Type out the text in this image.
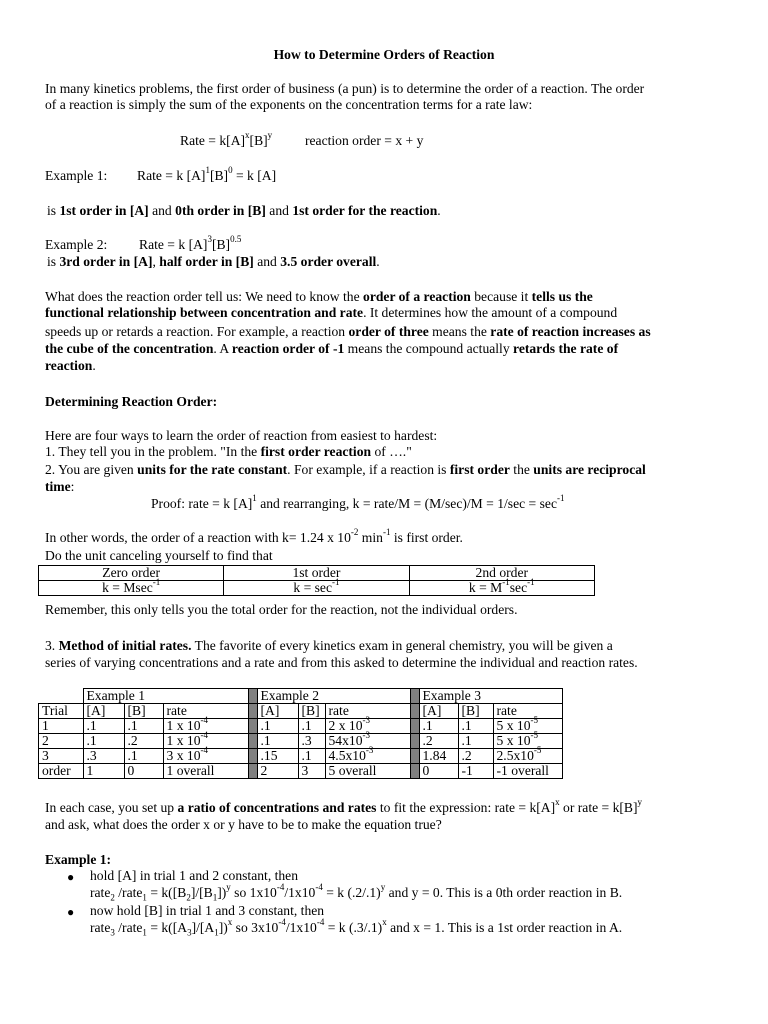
How to Determine Orders of Reaction
In many kinetics problems, the first order of business (a pun) is to determine the order of a reaction. The order
of a reaction is simply the sum of the exponents on the concentration terms for a rate law:
Rate = $k[A]^x[B]^y$ reaction order = x + y
Example 1: Rate = k $[A]^1[B]^0 = k$ [A]
is 1st order in [A] and 0th order in [B] and 1st order for the reaction.
Example 2: Rate = k $[A]^3[B]^{0.5}$
is 3rd order in [A], half order in [B] and 3.5 order overall.
What does the reaction order tell us: We need to know the order of a reaction because it tells us the
functional relationship between concentration and rate. It determines how the amount of a compound
speeds up or retards a reaction. For example, a reaction order of three means the rate of reaction increases as
the cube of the concentration. A reaction order of -1 means the compound actually retards the rate of
reaction.
Determining Reaction Order:
Here are four ways to learn the order of reaction from easiest to hardest:
1. They tell you in the problem. "In the first order reaction of …."
2. You are given units for the rate constant. For example, if a reaction is first order the units are reciprocal
time:
Proof: rate = k $[A]^1$ and rearranging, k = rate/M = $(M/\sec)/M = 1/\sec = \sec^{-1}$
In other words, the order of a reaction with k= 1.24 x $10^{-2}$ $\min^{-1}$ is first order.
Do the unit canceling yourself to find that
Zero order	1st order	2nd order
k = Msec$^{-1}$	$k = \sec^{-1}$	$k = M^{-1}\sec^{-1}$
Remember, this only tells you the total order for the reaction, not the individual orders.
3. Method of initial rates. The favorite of every kinetics exam in general chemistry, you will be given a
series of varying concentrations and a rate and from this asked to determine the individual and reaction rates.
	Example 1				Example 2				Example 3		
Trial	[A]	[B]	rate		[A]	[B]	rate		[A]	[B]	rate
1	.1	.1	1 x $10^{-4}$		.1	.1	2 x $10^{-3}$		.1	.1	5 x $10^{-5}$
2	.1	.2	1 x $10^{-4}$		.1	.3	$54x10^{-3}$		.2	.1	5 x $10^{-5}$
3	.3	.1	3 x $10^{-4}$		.15	.1	$4.5x10^{-3}$		1.84	.2	$2.5x10^{-5}$
order	1	0	1 overall		2	3	5 overall		0	-1	-1 overall
In each case, you set up a ratio of concentrations and rates to fit the expression: rate = $k[A]^x$ or rate = $k[B]^y$
and ask, what does the order x or y have to be to make the equation true?
Example 1:
● hold [A] in trial 1 and 2 constant, then
rate$_2$ /rate$_1$ = $k([B_2]/[B_1])^y$ so $1x10^{-4}/1x10^{-4} = k$ $(.2/.1)^y$ and y = 0. This is a 0th order reaction in B.
● now hold [B] in trial 1 and 3 constant, then
rate$_3$ /rate$_1$ = $k([A_3]/[A_1])^x$ so $3x10^{-4}/1x10^{-4} = k$ $(.3/.1)^x$ and x = 1. This is a 1st order reaction in A.
